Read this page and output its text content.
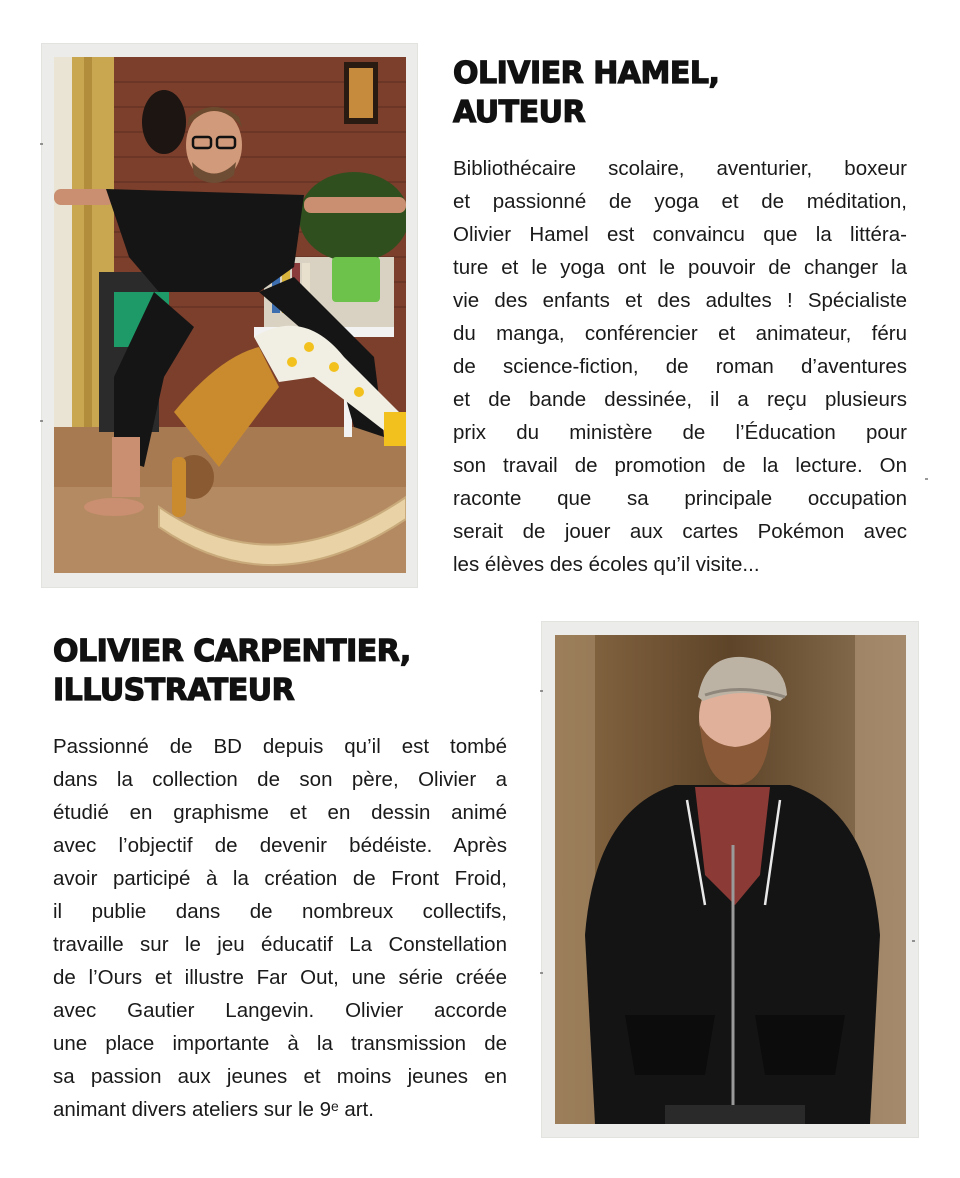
OLIVIER HAMEL,
AUTEUR

Bibliothécaire scolaire, aventurier, boxeur
et passionné de yoga et de méditation,
Olivier Hamel est convaincu que la littéra-
ture et le yoga ont le pouvoir de changer la
vie des enfants et des adultes ! Spécialiste
du manga, conférencier et animateur, féru
de science-fiction, de roman d’aventures
et de bande dessinée, il a reçu plusieurs
prix du ministère de l’Éducation pour
son travail de promotion de la lecture. On
raconte que sa principale occupation
serait de jouer aux cartes Pokémon avec
les élèves des écoles qu’il visite...

OLIVIER CARPENTIER,
ILLUSTRATEUR

Passionné de BD depuis qu’il est tombé
dans la collection de son père, Olivier a
étudié en graphisme et en dessin animé
avec l’objectif de devenir bédéiste. Après
avoir participé à la création de Front Froid,
il publie dans de nombreux collectifs,
travaille sur le jeu éducatif La Constellation
de l’Ours et illustre Far Out, une série créée
avec Gautier Langevin. Olivier accorde
une place importante à la transmission de
sa passion aux jeunes et moins jeunes en
animant divers ateliers sur le 9ᵉ art.
